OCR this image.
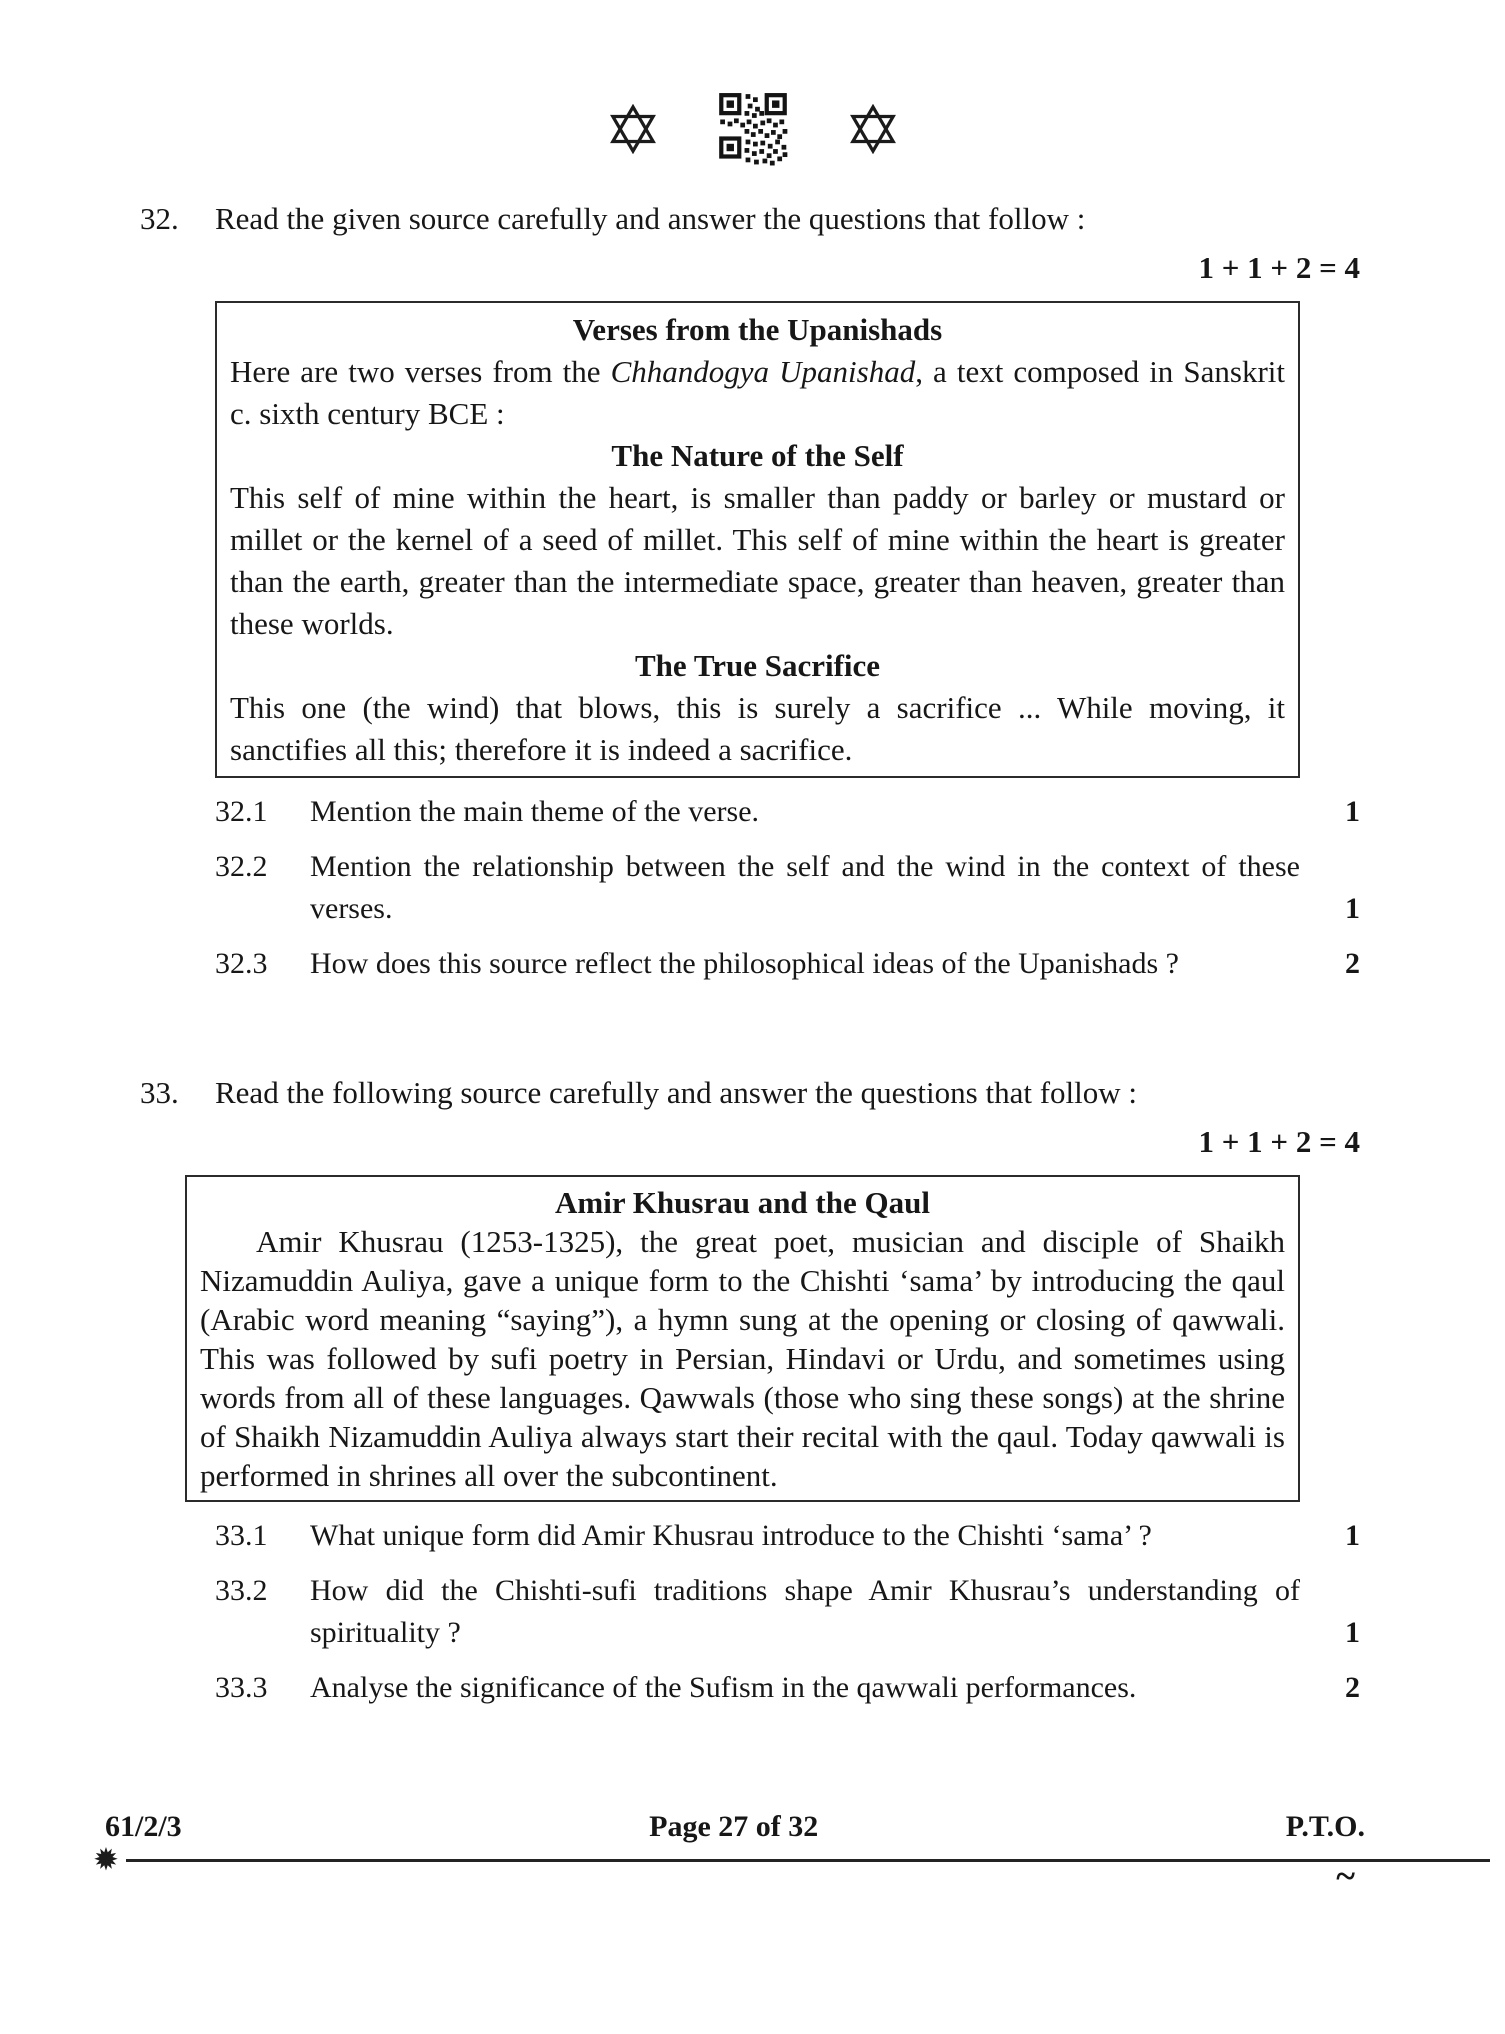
32.	Read the given source carefully and answer the questions that follow :
1 + 1 + 2 = 4
Verses from the Upanishads

Here are two verses from the Chhandogya Upanishad, a text composed in Sanskrit c. sixth century BCE :

The Nature of the Self

This self of mine within the heart, is smaller than paddy or barley or mustard or millet or the kernel of a seed of millet. This self of mine within the heart is greater than the earth, greater than the intermediate space, greater than heaven, greater than these worlds.

The True Sacrifice

This one (the wind) that blows, this is surely a sacrifice ... While moving, it sanctifies all this; therefore it is indeed a sacrifice.

32.1	Mention the main theme of the verse.	1
32.2	Mention the relationship between the self and the wind in the context of these verses.	1
32.3	How does this source reflect the philosophical ideas of the Upanishads ?	2
33.	Read the following source carefully and answer the questions that follow :
1 + 1 + 2 = 4
Amir Khusrau and the Qaul

Amir Khusrau (1253-1325), the great poet, musician and disciple of Shaikh Nizamuddin Auliya, gave a unique form to the Chishti ‘sama’ by introducing the qaul (Arabic word meaning “saying”), a hymn sung at the opening or closing of qawwali. This was followed by sufi poetry in Persian, Hindavi or Urdu, and sometimes using words from all of these languages. Qawwals (those who sing these songs) at the shrine of Shaikh Nizamuddin Auliya always start their recital with the qaul. Today qawwali is performed in shrines all over the subcontinent.

33.1	What unique form did Amir Khusrau introduce to the Chishti ‘sama’ ?	1
33.2	How did the Chishti-sufi traditions shape Amir Khusrau’s understanding of spirituality ?	1
33.3	Analyse the significance of the Sufism in the qawwali performances.	2
61/2/3	Page 27 of 32	P.T.O.
✹	~
